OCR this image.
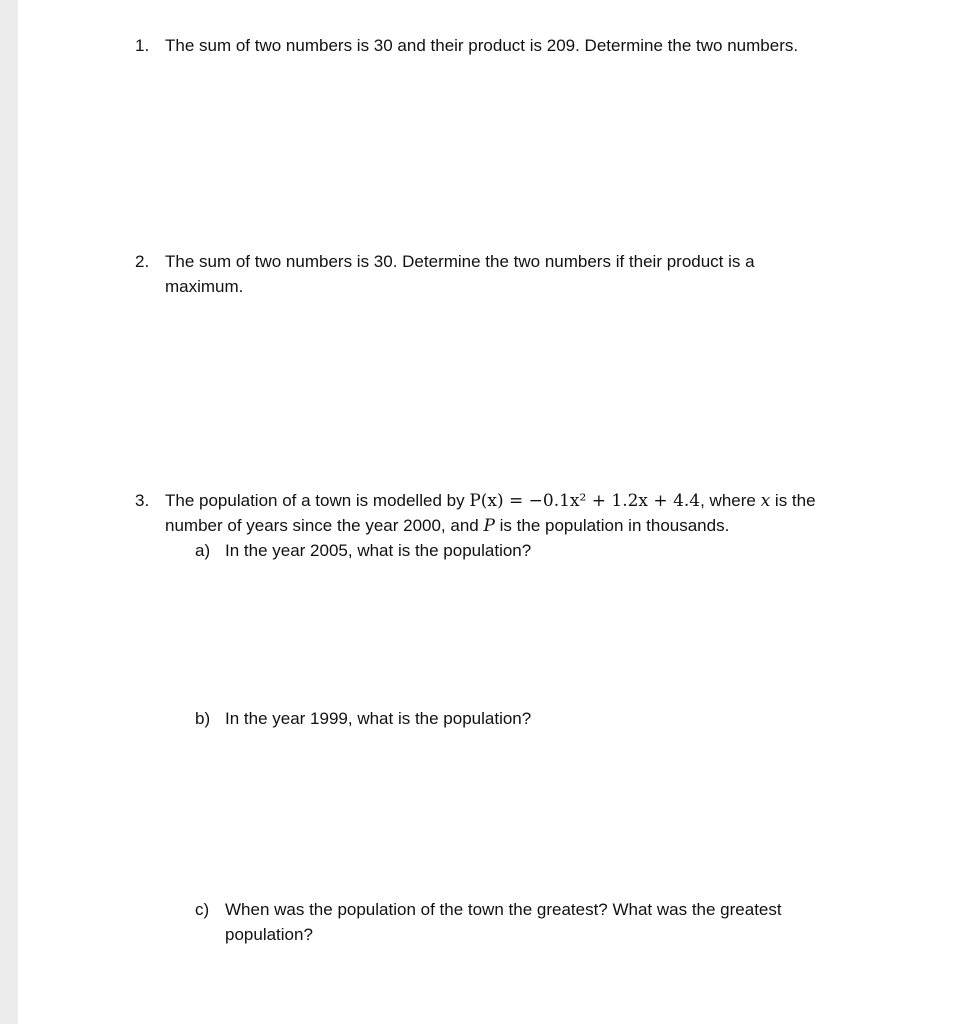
1. The sum of two numbers is 30 and their product is 209. Determine the two numbers.
2. The sum of two numbers is 30. Determine the two numbers if their product is a
maximum.
3. The population of a town is modelled by P(x) = −0.1x² + 1.2x + 4.4, where x is the
number of years since the year 2000, and P is the population in thousands.
a) In the year 2005, what is the population?
b) In the year 1999, what is the population?
c) When was the population of the town the greatest? What was the greatest
population?
